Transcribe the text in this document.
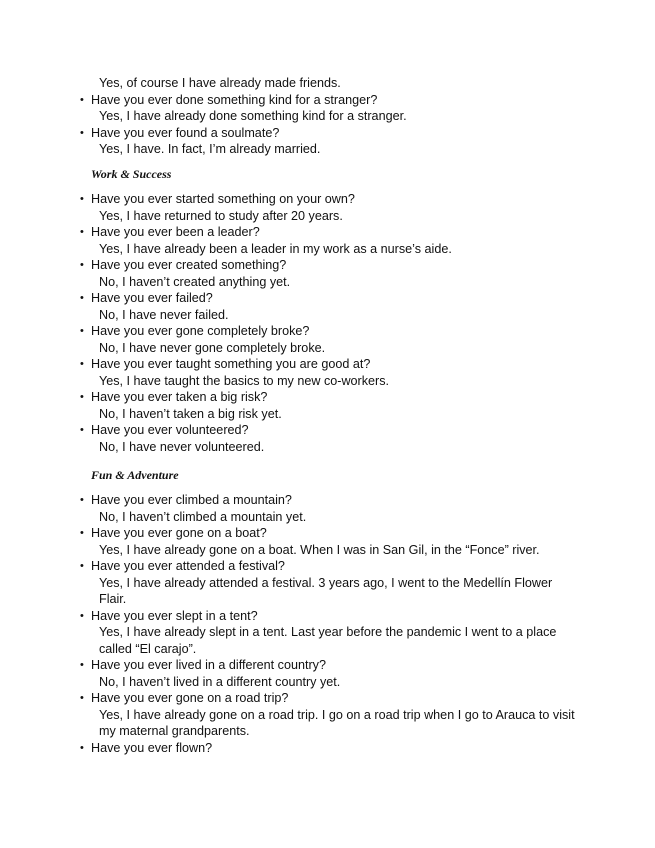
Yes, of course I have already made friends.
• Have you ever done something kind for a stranger?
Yes, I have already done something kind for a stranger.
• Have you ever found a soulmate?
Yes, I have. In fact, I’m already married.
Work & Success
• Have you ever started something on your own?
Yes, I have returned to study after 20 years.
• Have you ever been a leader?
Yes, I have already been a leader in my work as a nurse’s aide.
• Have you ever created something?
No, I haven’t created anything yet.
• Have you ever failed?
No, I have never failed.
• Have you ever gone completely broke?
No, I have never gone completely broke.
• Have you ever taught something you are good at?
Yes, I have taught the basics to my new co-workers.
• Have you ever taken a big risk?
No, I haven’t taken a big risk yet.
• Have you ever volunteered?
No, I have never volunteered.
Fun & Adventure
• Have you ever climbed a mountain?
No, I haven’t climbed a mountain yet.
• Have you ever gone on a boat?
Yes, I have already gone on a boat. When I was in San Gil, in the “Fonce” river.
• Have you ever attended a festival?
Yes, I have already attended a festival. 3 years ago, I went to the Medellín Flower Flair.
• Have you ever slept in a tent?
Yes, I have already slept in a tent. Last year before the pandemic I went to a place called “El carajo”.
• Have you ever lived in a different country?
No, I haven’t lived in a different country yet.
• Have you ever gone on a road trip?
Yes, I have already gone on a road trip. I go on a road trip when I go to Arauca to visit my maternal grandparents.
• Have you ever flown?
